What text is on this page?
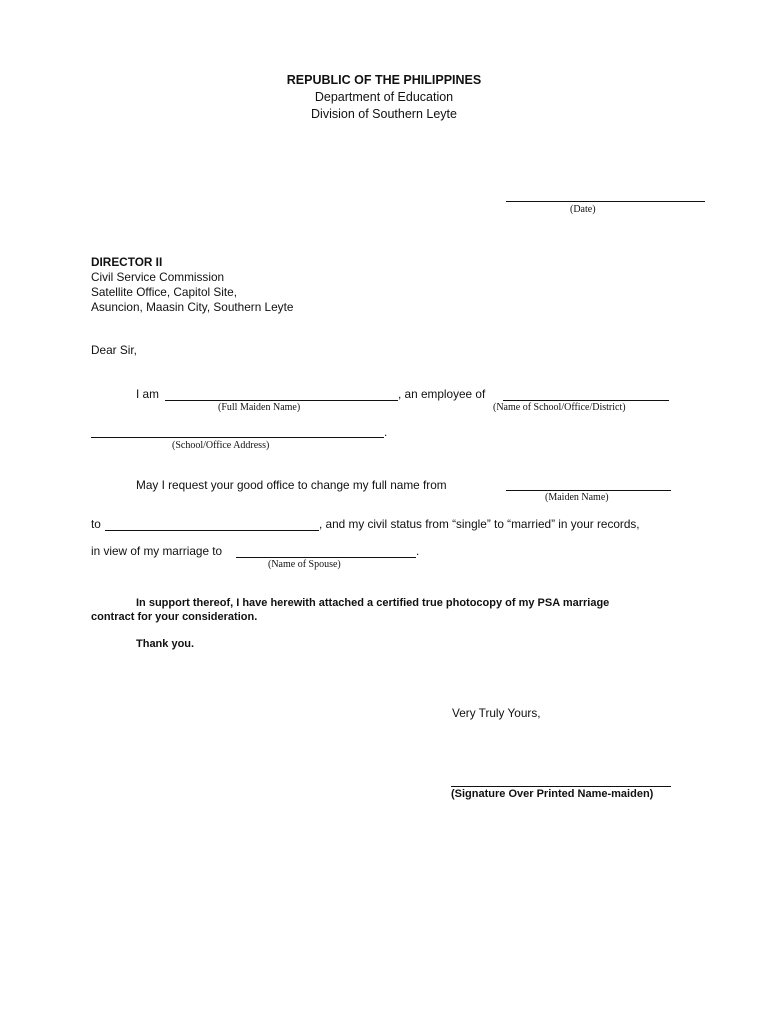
REPUBLIC OF THE PHILIPPINES
Department of Education
Division of Southern Leyte
(Date)
DIRECTOR II
Civil Service Commission
Satellite Office, Capitol Site,
Asuncion, Maasin City, Southern Leyte
Dear Sir,
I am	, an employee of
(Full Maiden Name)	(Name of School/Office/District)
.
(School/Office Address)
May I request your good office to change my full name from
(Maiden Name)
to	, and my civil status from “single” to “married” in your records,
in view of my marriage to	.
(Name of Spouse)
In support thereof, I have herewith attached a certified true photocopy of my PSA marriage
contract for your consideration.
Thank you.
Very Truly Yours,
(Signature Over Printed Name-maiden)
